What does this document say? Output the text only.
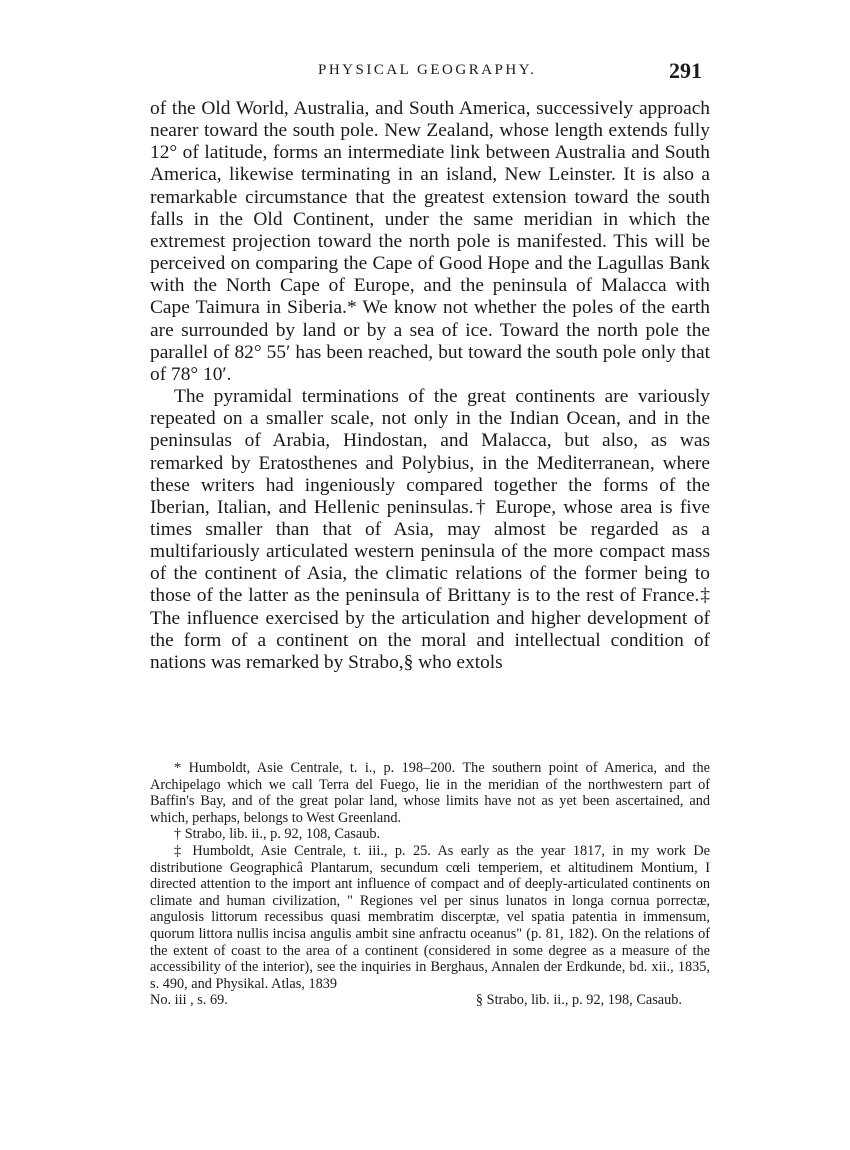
PHYSICAL GEOGRAPHY.	291

of the Old World, Australia, and South America, successively approach nearer toward the south pole. New Zealand, whose length extends fully 12° of latitude, forms an intermediate link between Australia and South America, likewise terminating in an island, New Leinster. It is also a remarkable circumstance that the greatest extension toward the south falls in the Old Continent, under the same meridian in which the extremest projection toward the north pole is manifested. This will be perceived on comparing the Cape of Good Hope and the Lagullas Bank with the North Cape of Europe, and the peninsula of Malacca with Cape Taimura in Siberia.* We know not whether the poles of the earth are surrounded by land or by a sea of ice. Toward the north pole the parallel of 82° 55′ has been reached, but toward the south pole only that of 78° 10′.

The pyramidal terminations of the great continents are variously repeated on a smaller scale, not only in the Indian Ocean, and in the peninsulas of Arabia, Hindostan, and Malacca, but also, as was remarked by Eratosthenes and Polybius, in the Mediterranean, where these writers had ingeniously compared together the forms of the Iberian, Italian, and Hellenic peninsulas.† Europe, whose area is five times smaller than that of Asia, may almost be regarded as a multifariously articulated western peninsula of the more compact mass of the continent of Asia, the climatic relations of the former being to those of the latter as the peninsula of Brittany is to the rest of France.‡ The influence exercised by the articulation and higher development of the form of a continent on the moral and intellectual condition of nations was remarked by Strabo,§ who extols

* Humboldt, Asie Centrale, t. i., p. 198–200. The southern point of America, and the Archipelago which we call Terra del Fuego, lie in the meridian of the northwestern part of Baffin's Bay, and of the great polar land, whose limits have not as yet been ascertained, and which, perhaps, belongs to West Greenland.

† Strabo, lib. ii., p. 92, 108, Casaub.

‡ Humboldt, Asie Centrale, t. iii., p. 25. As early as the year 1817, in my work De distributione Geographicâ Plantarum, secundum cœli temperiem, et altitudinem Montium, I directed attention to the import ant influence of compact and of deeply-articulated continents on climate and human civilization, " Regiones vel per sinus lunatos in longa cornua porrectæ, angulosis littorum recessibus quasi membratim discerptæ, vel spatia patentia in immensum, quorum littora nullis incisa angulis ambit sine anfractu oceanus" (p. 81, 182). On the relations of the extent of coast to the area of a continent (considered in some degree as a measure of the accessibility of the interior), see the inquiries in Berghaus, Annalen der Erdkunde, bd. xii., 1835, s. 490, and Physikal. Atlas, 1839

No. iii , s. 69.	§ Strabo, lib. ii., p. 92, 198, Casaub.
